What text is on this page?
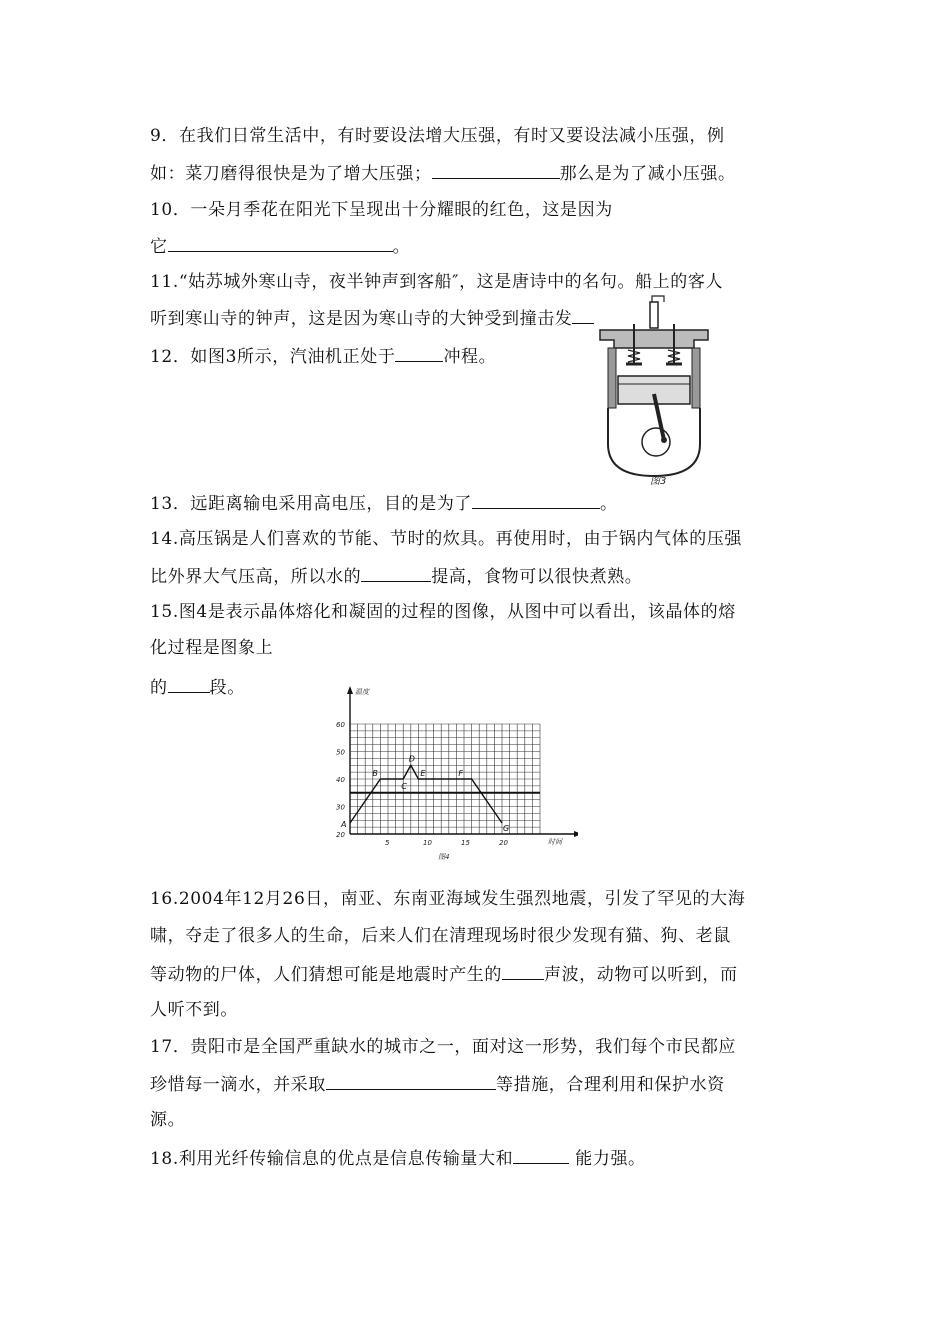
9．在我们日常生活中，有时要设法增大压强，有时又要设法减小压强，例
如：菜刀磨得很快是为了增大压强；	那么是为了减小压强。
10．一朵月季花在阳光下呈现出十分耀眼的红色，这是因为
它	。
11.“姑苏城外寒山寺，夜半钟声到客船″，这是唐诗中的名句。船上的客人
听到寒山寺的钟声，这是因为寒山寺的大钟受到撞击发
12．如图3所示，汽油机正处于	冲程。
图3
13．远距离输电采用高电压，目的是为了	。
14.高压锅是人们喜欢的节能、节时的炊具。再使用时，由于锅内气体的压强
比外界大气压高，所以水的	提高，食物可以很快煮熟。
15.图4是表示晶体熔化和凝固的过程的图像，从图中可以看出，该晶体的熔
化过程是图象上
的 段。	温度
时间
20
30
40
50
60
5	10	15	20
A
B
C
D
E	F
G
图4
16.2004年12月26日，南亚、东南亚海域发生强烈地震，引发了罕见的大海
啸，夺走了很多人的生命，后来人们在清理现场时很少发现有猫、狗、老鼠
等动物的尸体，人们猜想可能是地震时产生的 声波，动物可以听到，而
人听不到。
17．贵阳市是全国严重缺水的城市之一，面对这一形势，我们每个市民都应
珍惜每一滴水，并采取	等措施，合理利用和保护水资
源。
18.利用光纤传输信息的优点是信息传输量大和	能力强。
